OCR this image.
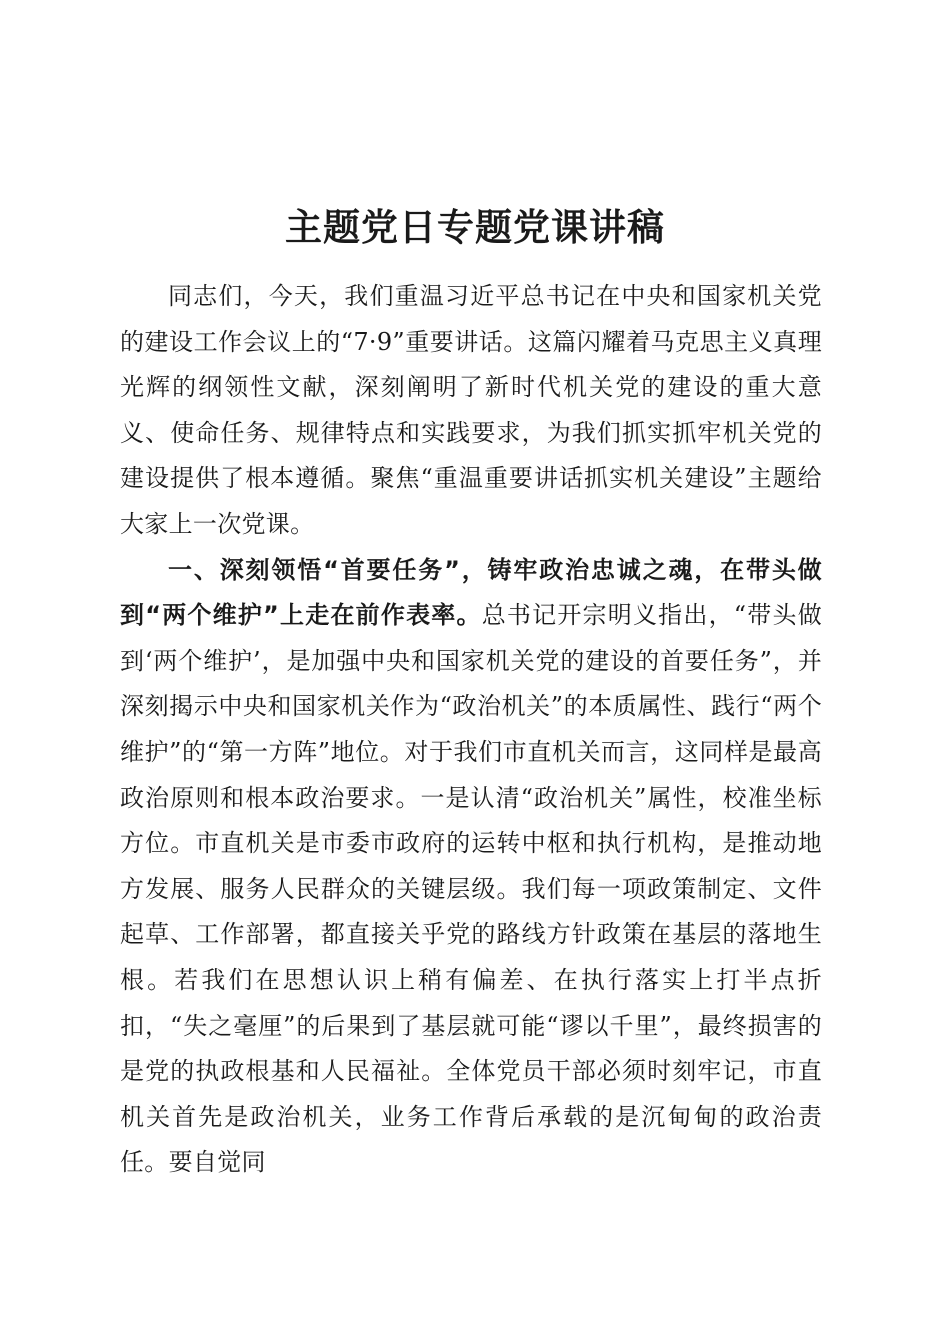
主题党日专题党课讲稿

同志们，今天，我们重温习近平总书记在中央和国家机关党的建设工作会议上的“7·9”重要讲话。这篇闪耀着马克思主义真理光辉的纲领性文献，深刻阐明了新时代机关党的建设的重大意义、使命任务、规律特点和实践要求，为我们抓实抓牢机关党的建设提供了根本遵循。聚焦“重温重要讲话抓实机关建设”主题给大家上一次党课。

一、深刻领悟“首要任务”，铸牢政治忠诚之魂，在带头做到“两个维护”上走在前作表率。总书记开宗明义指出，“带头做到‘两个维护’，是加强中央和国家机关党的建设的首要任务”，并深刻揭示中央和国家机关作为“政治机关”的本质属性、践行“两个维护”的“第一方阵”地位。对于我们市直机关而言，这同样是最高政治原则和根本政治要求。一是认清“政治机关”属性，校准坐标方位。市直机关是市委市政府的运转中枢和执行机构，是推动地方发展、服务人民群众的关键层级。我们每一项政策制定、文件起草、工作部署，都直接关乎党的路线方针政策在基层的落地生根。若我们在思想认识上稍有偏差、在执行落实上打半点折扣，“失之毫厘”的后果到了基层就可能“谬以千里”，最终损害的是党的执政根基和人民福祉。全体党员干部必须时刻牢记，市直机关首先是政治机关，业务工作背后承载的是沉甸甸的政治责任。要自觉同
